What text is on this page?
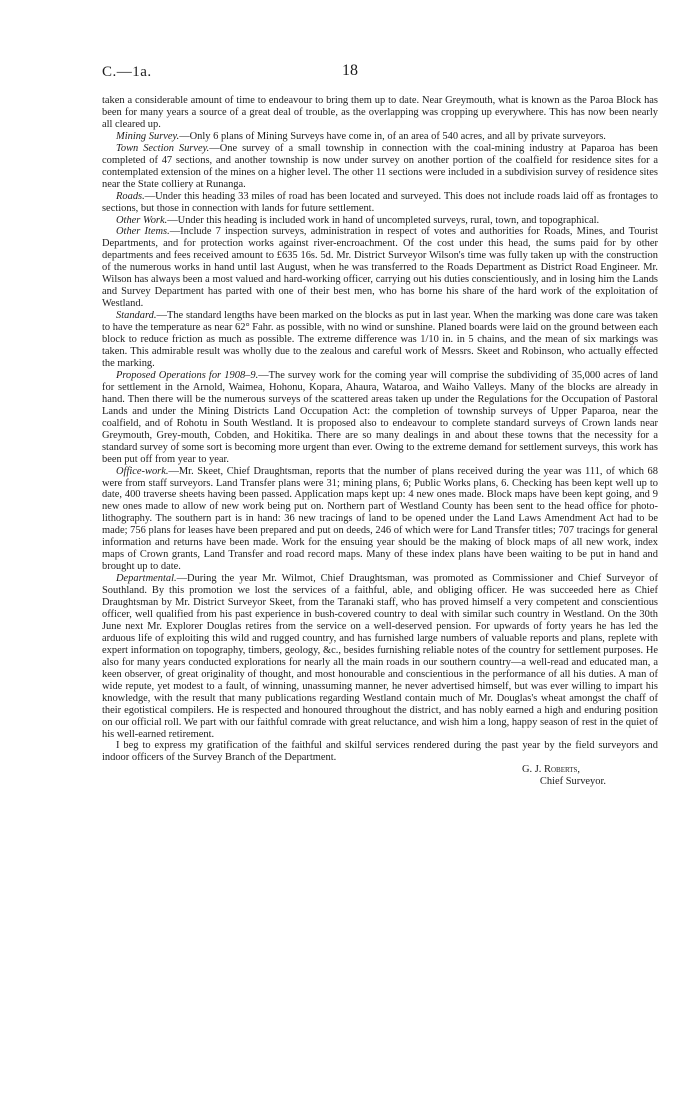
C.—1a.	18

taken a considerable amount of time to endeavour to bring them up to date. Near Greymouth, what is known as the Paroa Block has been for many years a source of a great deal of trouble, as the overlapping was cropping up everywhere. This has now been nearly all cleared up.

Mining Survey.—Only 6 plans of Mining Surveys have come in, of an area of 540 acres, and all by private surveyors.

Town Section Survey.—One survey of a small township in connection with the coal-mining industry at Paparoa has been completed of 47 sections, and another township is now under survey on another portion of the coalfield for residence sites for a contemplated extension of the mines on a higher level. The other 11 sections were included in a subdivision survey of residence sites near the State colliery at Runanga.

Roads.—Under this heading 33 miles of road has been located and surveyed. This does not include roads laid off as frontages to sections, but those in connection with lands for future settlement.

Other Work.—Under this heading is included work in hand of uncompleted surveys, rural, town, and topographical.

Other Items.—Include 7 inspection surveys, administration in respect of votes and authorities for Roads, Mines, and Tourist Departments, and for protection works against river-encroachment. Of the cost under this head, the sums paid for by other departments and fees received amount to £635 16s. 5d. Mr. District Surveyor Wilson's time was fully taken up with the construction of the numerous works in hand until last August, when he was transferred to the Roads Department as District Road Engineer. Mr. Wilson has always been a most valued and hard-working officer, carrying out his duties conscientiously, and in losing him the Lands and Survey Department has parted with one of their best men, who has borne his share of the hard work of the exploitation of Westland.

Standard.—The standard lengths have been marked on the blocks as put in last year. When the marking was done care was taken to have the temperature as near 62° Fahr. as possible, with no wind or sunshine. Planed boards were laid on the ground between each block to reduce friction as much as possible. The extreme difference was 1/10 in. in 5 chains, and the mean of six markings was taken. This admirable result was wholly due to the zealous and careful work of Messrs. Skeet and Robinson, who actually effected the marking.

Proposed Operations for 1908–9.—The survey work for the coming year will comprise the subdividing of 35,000 acres of land for settlement in the Arnold, Waimea, Hohonu, Kopara, Ahaura, Wataroa, and Waiho Valleys. Many of the blocks are already in hand. Then there will be the numerous surveys of the scattered areas taken up under the Regulations for the Occupation of Pastoral Lands and under the Mining Districts Land Occupation Act: the completion of township surveys of Upper Paparoa, near the coalfield, and of Rohotu in South Westland. It is proposed also to endeavour to complete standard surveys of Crown lands near Greymouth, Grey-mouth, Cobden, and Hokitika. There are so many dealings in and about these towns that the necessity for a standard survey of some sort is becoming more urgent than ever. Owing to the extreme demand for settlement surveys, this work has been put off from year to year.

Office-work.—Mr. Skeet, Chief Draughtsman, reports that the number of plans received during the year was 111, of which 68 were from staff surveyors. Land Transfer plans were 31; mining plans, 6; Public Works plans, 6. Checking has been kept well up to date, 400 traverse sheets having been passed. Application maps kept up: 4 new ones made. Block maps have been kept going, and 9 new ones made to allow of new work being put on. Northern part of Westland County has been sent to the head office for photo-lithography. The southern part is in hand: 36 new tracings of land to be opened under the Land Laws Amendment Act had to be made; 756 plans for leases have been prepared and put on deeds, 246 of which were for Land Transfer titles; 707 tracings for general information and returns have been made. Work for the ensuing year should be the making of block maps of all new work, index maps of Crown grants, Land Transfer and road record maps. Many of these index plans have been waiting to be put in hand and brought up to date.

Departmental.—During the year Mr. Wilmot, Chief Draughtsman, was promoted as Commissioner and Chief Surveyor of Southland. By this promotion we lost the services of a faithful, able, and obliging officer. He was succeeded here as Chief Draughtsman by Mr. District Surveyor Skeet, from the Taranaki staff, who has proved himself a very competent and conscientious officer, well qualified from his past experience in bush-covered country to deal with similar such country in Westland. On the 30th June next Mr. Explorer Douglas retires from the service on a well-deserved pension. For upwards of forty years he has led the arduous life of exploiting this wild and rugged country, and has furnished large numbers of valuable reports and plans, replete with expert information on topography, timbers, geology, &c., besides furnishing reliable notes of the country for settlement purposes. He also for many years conducted explorations for nearly all the main roads in our southern country—a well-read and educated man, a keen observer, of great originality of thought, and most honourable and conscientious in the performance of all his duties. A man of wide repute, yet modest to a fault, of winning, unassuming manner, he never advertised himself, but was ever willing to impart his knowledge, with the result that many publications regarding Westland contain much of Mr. Douglas's wheat amongst the chaff of their egotistical compilers. He is respected and honoured throughout the district, and has nobly earned a high and enduring position on our official roll. We part with our faithful comrade with great reluctance, and wish him a long, happy season of rest in the quiet of his well-earned retirement.

I beg to express my gratification of the faithful and skilful services rendered during the past year by the field surveyors and indoor officers of the Survey Branch of the Department.

G. J. Roberts,
Chief Surveyor.
